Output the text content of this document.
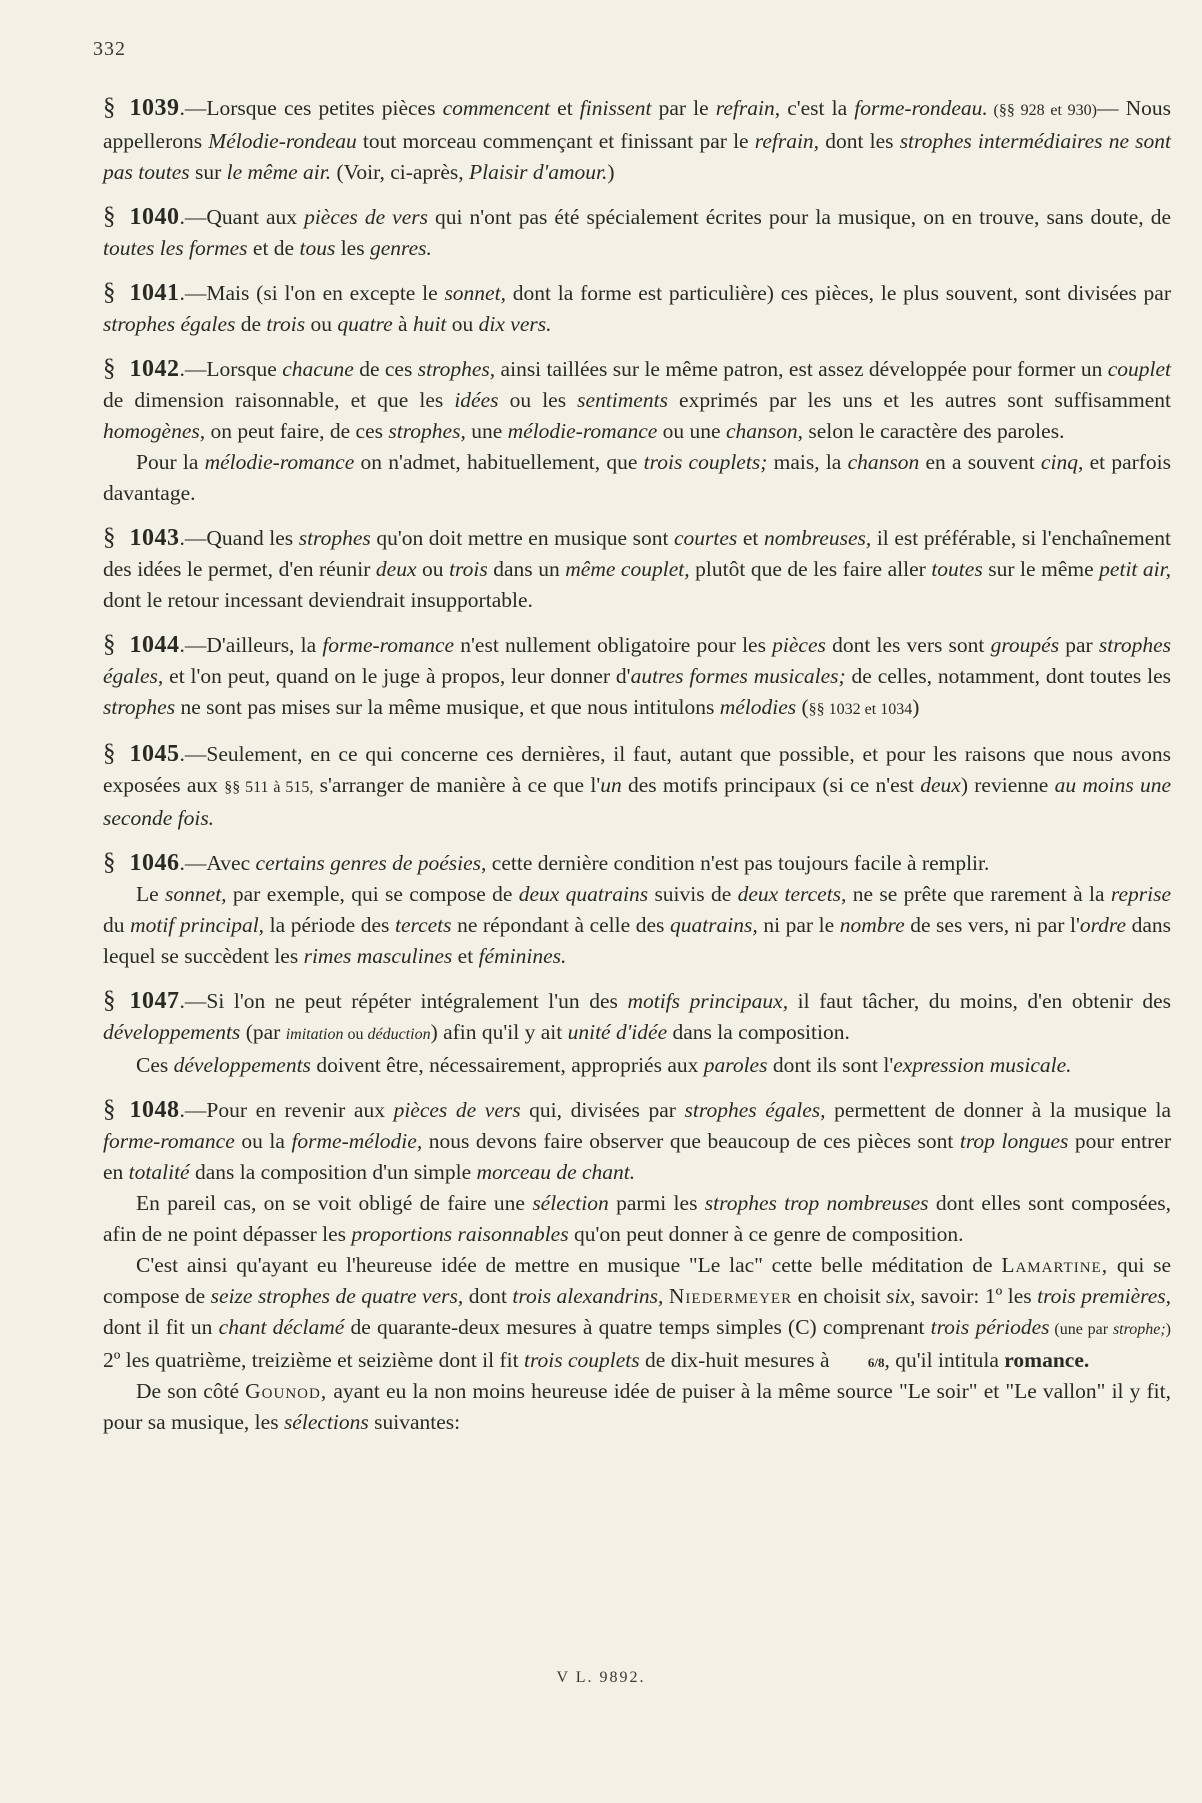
332

§ 1039.—Lorsque ces petites pièces commencent et finissent par le refrain, c'est la forme-rondeau. (§§ 928 et 930)— Nous appellerons Mélodie-rondeau tout morceau commençant et finissant par le refrain, dont les strophes intermédiaires ne sont pas toutes sur le même air. (Voir, ci-après, Plaisir d'amour.)

§ 1040.—Quant aux pièces de vers qui n'ont pas été spécialement écrites pour la musique, on en trouve, sans doute, de toutes les formes et de tous les genres.

§ 1041.—Mais (si l'on en excepte le sonnet, dont la forme est particulière) ces pièces, le plus souvent, sont divisées par strophes égales de trois ou quatre à huit ou dix vers.

§ 1042.—Lorsque chacune de ces strophes, ainsi taillées sur le même patron, est assez développée pour former un couplet de dimension raisonnable, et que les idées ou les sentiments exprimés par les uns et les autres sont suffisamment homogènes, on peut faire, de ces strophes, une mélodie-romance ou une chanson, selon le caractère des paroles.

Pour la mélodie-romance on n'admet, habituellement, que trois couplets; mais, la chanson en a souvent cinq, et parfois davantage.

§ 1043.—Quand les strophes qu'on doit mettre en musique sont courtes et nombreuses, il est préférable, si l'enchaînement des idées le permet, d'en réunir deux ou trois dans un même couplet, plutôt que de les faire aller toutes sur le même petit air, dont le retour incessant deviendrait insupportable.

§ 1044.—D'ailleurs, la forme-romance n'est nullement obligatoire pour les pièces dont les vers sont groupés par strophes égales, et l'on peut, quand on le juge à propos, leur donner d'autres formes musicales; de celles, notamment, dont toutes les strophes ne sont pas mises sur la même musique, et que nous intitulons mélodies (§§ 1032 et 1034)

§ 1045.—Seulement, en ce qui concerne ces dernières, il faut, autant que possible, et pour les raisons que nous avons exposées aux §§ 511 à 515, s'arranger de manière à ce que l'un des motifs principaux (si ce n'est deux) revienne au moins une seconde fois.

§ 1046.—Avec certains genres de poésies, cette dernière condition n'est pas toujours facile à remplir.

Le sonnet, par exemple, qui se compose de deux quatrains suivis de deux tercets, ne se prête que rarement à la reprise du motif principal, la période des tercets ne répondant à celle des quatrains, ni par le nombre de ses vers, ni par l'ordre dans lequel se succèdent les rimes masculines et féminines.

§ 1047.—Si l'on ne peut répéter intégralement l'un des motifs principaux, il faut tâcher, du moins, d'en obtenir des développements (par imitation ou déduction) afin qu'il y ait unité d'idée dans la composition.

Ces développements doivent être, nécessairement, appropriés aux paroles dont ils sont l'expression musicale.

§ 1048.—Pour en revenir aux pièces de vers qui, divisées par strophes égales, permettent de donner à la musique la forme-romance ou la forme-mélodie, nous devons faire observer que beaucoup de ces pièces sont trop longues pour entrer en totalité dans la composition d'un simple morceau de chant.

En pareil cas, on se voit obligé de faire une sélection parmi les strophes trop nombreuses dont elles sont composées, afin de ne point dépasser les proportions raisonnables qu'on peut donner à ce genre de composition.

C'est ainsi qu'ayant eu l'heureuse idée de mettre en musique "Le lac" cette belle méditation de Lamartine, qui se compose de seize strophes de quatre vers, dont trois alexandrins, Niedermeyer en choisit six, savoir: 1º les trois premières, dont il fit un chant déclamé de quarante-deux mesures à quatre temps simples (C) comprenant trois périodes (une par strophe;) 2º les quatrième, treizième et seizième dont il fit trois couplets de dix-huit mesures à	6/8, qu'il intitula romance.

De son côté Gounod, ayant eu la non moins heureuse idée de puiser à la même source "Le soir" et "Le vallon" il y fit, pour sa musique, les sélections suivantes:

V L. 9892.
